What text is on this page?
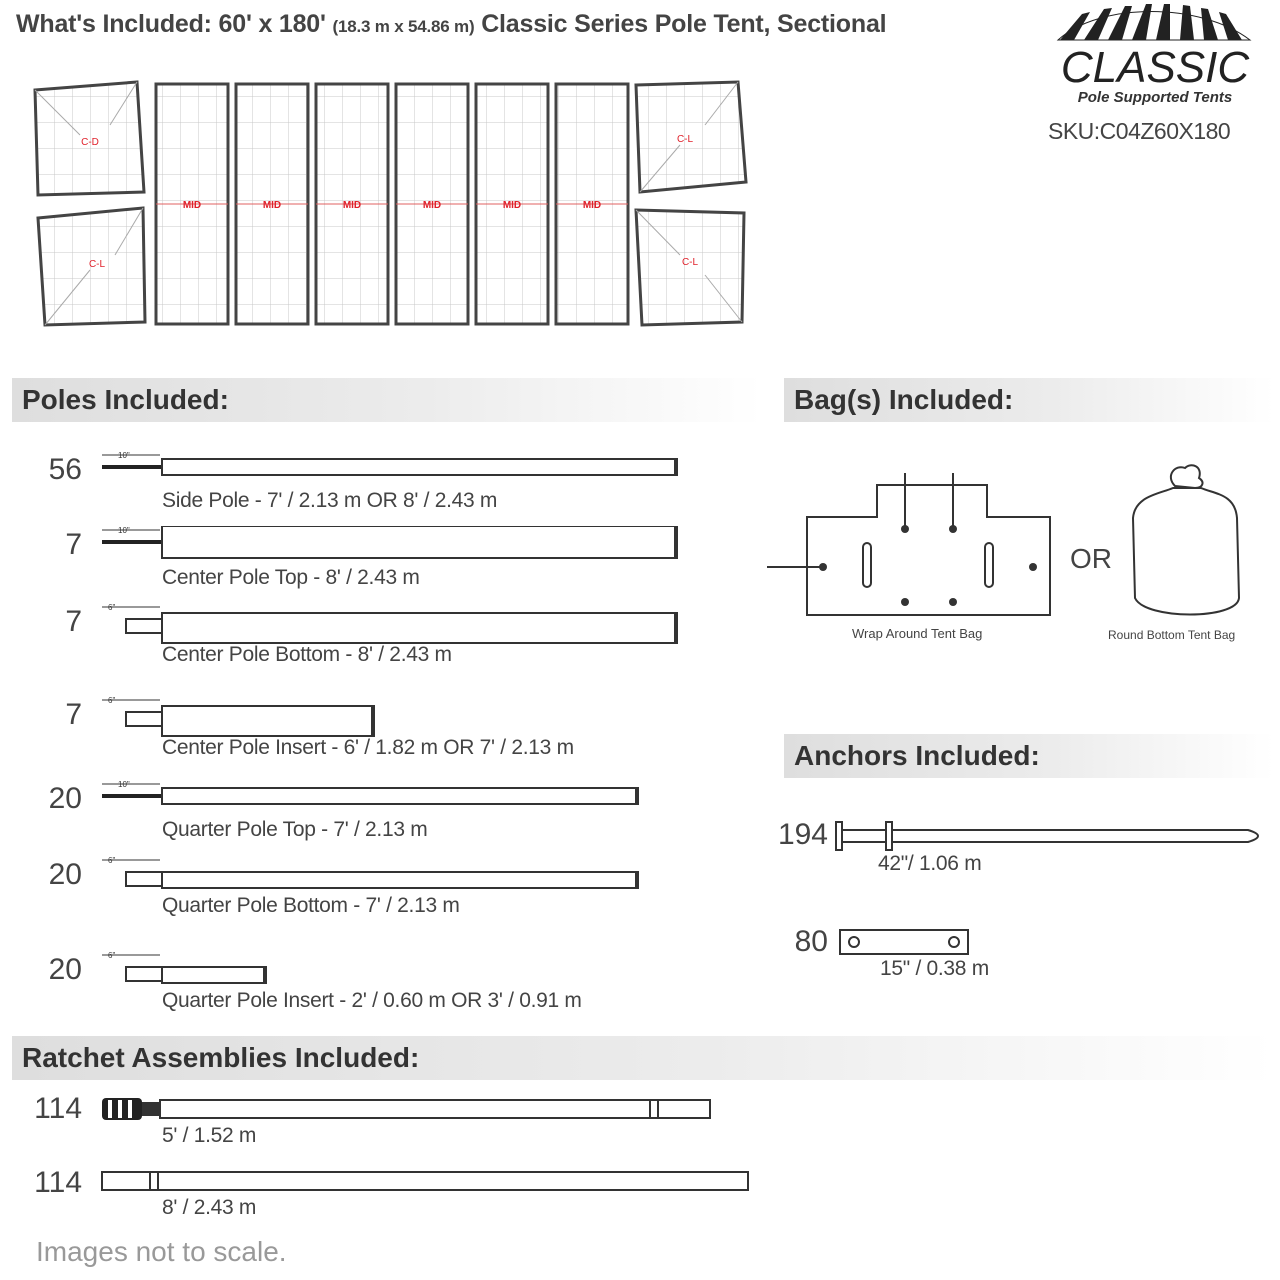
What's Included: 60' x 180' (18.3 m x 54.86 m) Classic Series Pole Tent, Sectional
CLASSIC
Pole Supported Tents
SKU:C04Z60X180
C-D
C-L
C-L
C-L
MID	MID	MID	MID	MID	MID
Poles Included:
56	10"
Side Pole - 7' / 2.13 m OR 8' / 2.43 m
7	10"
Center Pole Top - 8' / 2.43 m
7	6"
Center Pole Bottom - 8' / 2.43 m
7	6"
Center Pole Insert - 6' / 1.82 m OR 7' / 2.13 m
20	10"
Quarter Pole Top - 7' / 2.13 m
20	6"
Quarter Pole Bottom - 7' / 2.13 m
20	6"
Quarter Pole Insert - 2' / 0.60 m OR 3' / 0.91 m
Bag(s) Included:
Wrap Around Tent Bag
OR
Round Bottom Tent Bag
Anchors Included:
194
42"/ 1.06 m
80
15" / 0.38 m
Ratchet Assemblies Included:
114
5' / 1.52 m
114
8' / 2.43 m
Images not to scale.
